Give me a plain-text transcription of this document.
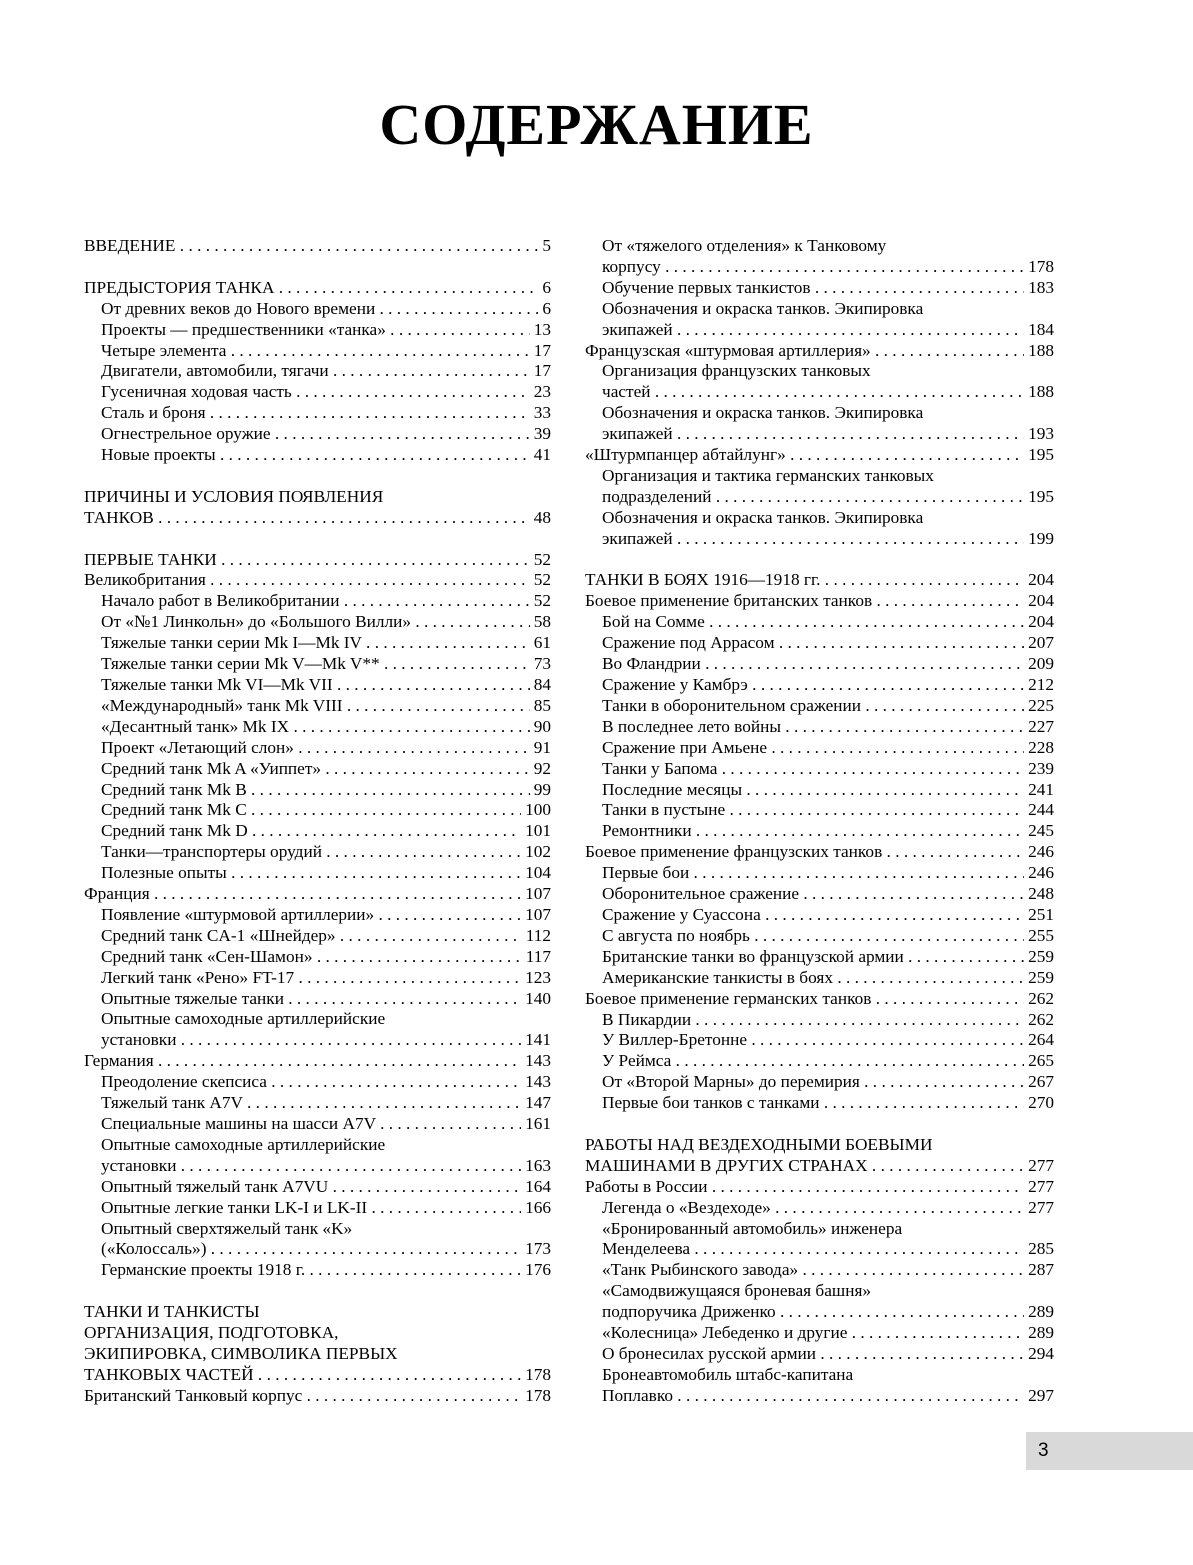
СОДЕРЖАНИЕ
ВВЕДЕНИЕ . . .	5
ПРЕДЫСТОРИЯ ТАНКА . . .	6
От древних веков до Нового времени . . .	6
Проекты — предшественники «танка» . . .	13
Четыре элемента . . .	17
Двигатели, автомобили, тягачи . . .	17
Гусеничная ходовая часть . . .	23
Сталь и броня . . .	33
Огнестрельное оружие . . .	39
Новые проекты . . .	41
ПРИЧИНЫ И УСЛОВИЯ ПОЯВЛЕНИЯ
ТАНКОВ . . .	48
ПЕРВЫЕ ТАНКИ . . .	52
Великобритания . . .	52
Начало работ в Великобритании . . .	52
От «№1 Линкольн» до «Большого Вилли» . . .	58
Тяжелые танки серии Mk I—Mk IV . . .	61
Тяжелые танки серии Mk V—Mk V** . . .	73
Тяжелые танки Mk VI—Mk VII . . .	84
«Международный» танк Mk VIII . . .	85
«Десантный танк» Mk IX . . .	90
Проект «Летающий слон» . . .	91
Средний танк Mk A «Уиппет» . . .	92
Средний танк Mk B . . .	99
Средний танк Mk C . . .	100
Средний танк Mk D . . .	101
Танки—транспортеры орудий . . .	102
Полезные опыты . . .	104
Франция . . .	107
Появление «штурмовой артиллерии» . . .	107
Средний танк CA-1 «Шнейдер» . . .	112
Средний танк «Сен-Шамон» . . .	117
Легкий танк «Рено» FT-17 . . .	123
Опытные тяжелые танки . . .	140
Опытные самоходные артиллерийские
установки . . .	141
Германия . . .	143
Преодоление скепсиса . . .	143
Тяжелый танк A7V . . .	147
Специальные машины на шасси A7V . . .	161
Опытные самоходные артиллерийские
установки . . .	163
Опытный тяжелый танк A7VU . . .	164
Опытные легкие танки LK-I и LK-II . . .	166
Опытный сверхтяжелый танк «K»
(«Колоссаль») . . .	173
Германские проекты 1918 г. . . .	176
ТАНКИ И ТАНКИСТЫ
ОРГАНИЗАЦИЯ, ПОДГОТОВКА,
ЭКИПИРОВКА, СИМВОЛИКА ПЕРВЫХ
ТАНКОВЫХ ЧАСТЕЙ . . .	178
Британский Танковый корпус . . .	178
От «тяжелого отделения» к Танковому
корпусу . . .	178
Обучение первых танкистов . . .	183
Обозначения и окраска танков. Экипировка
экипажей . . .	184
Французская «штурмовая артиллерия» . . .	188
Организация французских танковых
частей . . .	188
Обозначения и окраска танков. Экипировка
экипажей . . .	193
«Штурмпанцер абтайлунг» . . .	195
Организация и тактика германских танковых
подразделений . . .	195
Обозначения и окраска танков. Экипировка
экипажей . . .	199
ТАНКИ В БОЯХ 1916—1918 гг. . . .	204
Боевое применение британских танков . . .	204
Бой на Сомме . . .	204
Сражение под Аррасом . . .	207
Во Фландрии . . .	209
Сражение у Камбрэ . . .	212
Танки в оборонительном сражении . . .	225
В последнее лето войны . . .	227
Сражение при Амьене . . .	228
Танки у Бапома . . .	239
Последние месяцы . . .	241
Танки в пустыне . . .	244
Ремонтники . . .	245
Боевое применение французских танков . . .	246
Первые бои . . .	246
Оборонительное сражение . . .	248
Сражение у Суассона . . .	251
С августа по ноябрь . . .	255
Британские танки во французской армии . . .	259
Американские танкисты в боях . . .	259
Боевое применение германских танков . . .	262
В Пикардии . . .	262
У Виллер-Бретонне . . .	264
У Реймса . . .	265
От «Второй Марны» до перемирия . . .	267
Первые бои танков с танками . . .	270
РАБОТЫ НАД ВЕЗДЕХОДНЫМИ БОЕВЫМИ
МАШИНАМИ В ДРУГИХ СТРАНАХ . . .	277
Работы в России . . .	277
Легенда о «Вездеходе» . . .	277
«Бронированный автомобиль» инженера
Менделеева . . .	285
«Танк Рыбинского завода» . . .	287
«Самодвижущаяся броневая башня»
подпоручика Дриженко . . .	289
«Колесница» Лебеденко и другие . . .	289
О бронесилах русской армии . . .	294
Бронеавтомобиль штабс-капитана
Поплавко . . .	297
3
